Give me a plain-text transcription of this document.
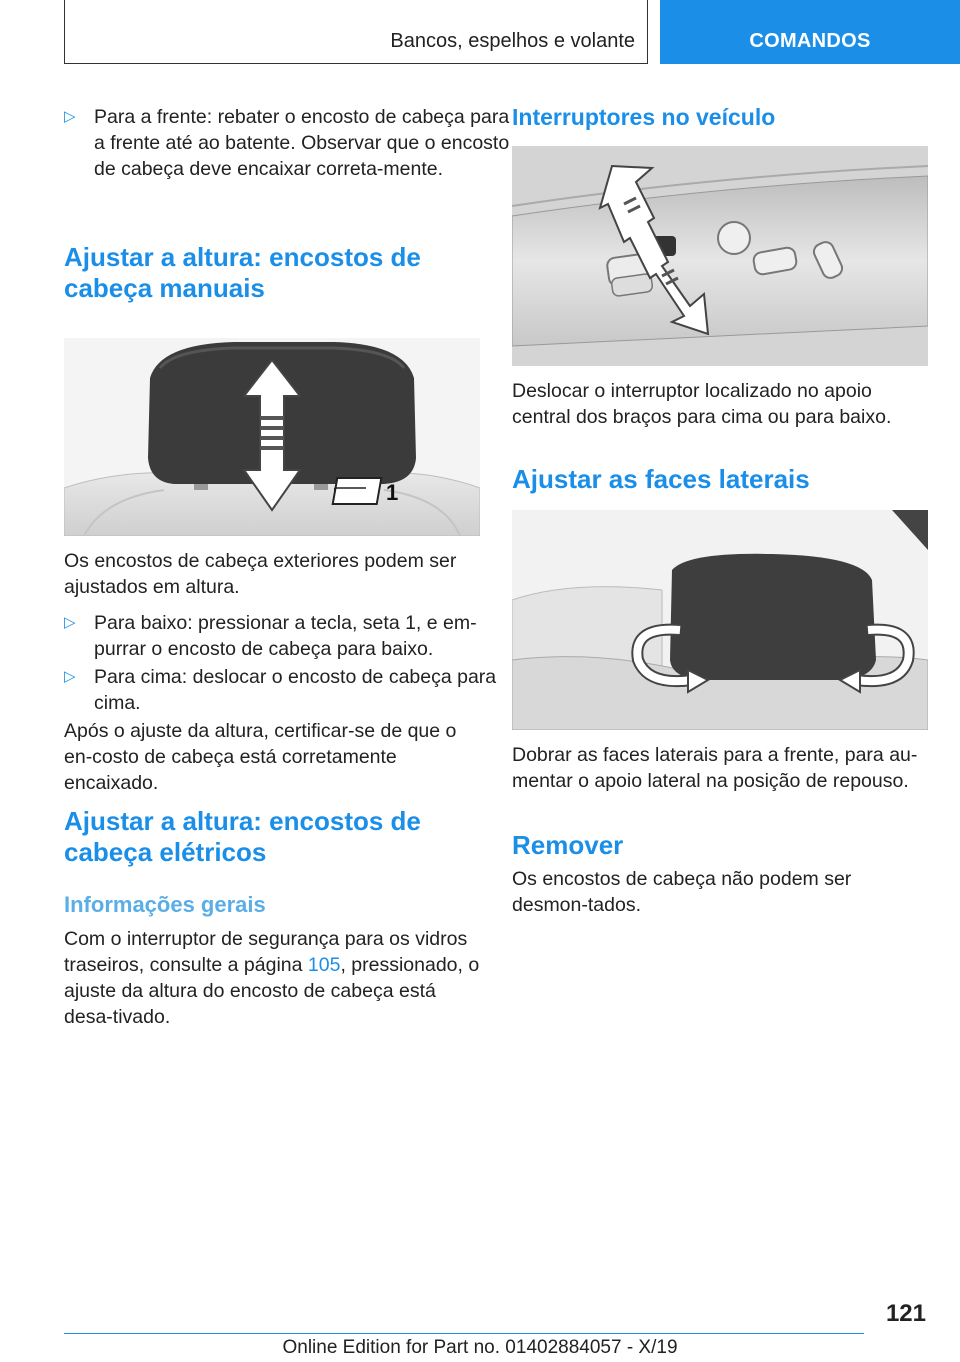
Bancos, espelhos e volante	COMANDOS
▷ Para a frente: rebater o encosto de cabeça para a frente até ao batente. Observar que o encosto de cabeça deve encaixar correta-mente.
Ajustar a altura: encostos de cabeça manuais
1

Os encostos de cabeça exteriores podem ser ajustados em altura.

▷ Para baixo: pressionar a tecla, seta 1, e em-purrar o encosto de cabeça para baixo.
▷ Para cima: deslocar o encosto de cabeça para cima.

Após o ajuste da altura, certificar-se de que o en-costo de cabeça está corretamente encaixado.

Ajustar a altura: encostos de cabeça elétricos
Informações gerais

Com o interruptor de segurança para os vidros traseiros, consulte a página 105, pressionado, o ajuste da altura do encosto de cabeça está desa-tivado.

Interruptores no veículo

Deslocar o interruptor localizado no apoio central dos braços para cima ou para baixo.

Ajustar as faces laterais

Dobrar as faces laterais para a frente, para au-mentar o apoio lateral na posição de repouso.

Remover

Os encostos de cabeça não podem ser desmon-tados.

121
Online Edition for Part no. 01402884057 - X/19
